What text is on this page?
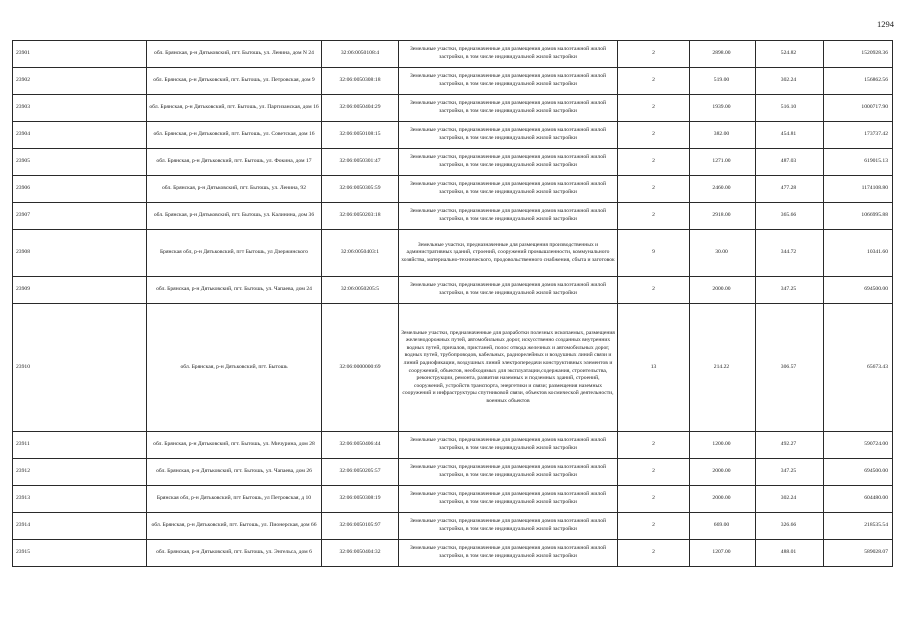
1294
23901	обл. Брянская, р-н Дятьковский, пгт. Бытошь, ул. Ленина, дом N 24	32:06:0050108:4	Земельные участки, предназначенные для размещения домов малоэтажной жилой застройки, в том числе индивидуальной жилой застройки	2	2898.00	524.82	1520928.36
23902	обл. Брянская, р-н Дятьковский, пгт. Бытошь, ул. Петровская, дом 9	32:06:0050308:18	Земельные участки, предназначенные для размещения домов малоэтажной жилой застройки, в том числе индивидуальной жилой застройки	2	519.00	302.24	156862.56
23903	обл. Брянская, р-н Дятьковский, пгт. Бытошь, ул. Партизанская, дом 16	32:06:0050404:29	Земельные участки, предназначенные для размещения домов малоэтажной жилой застройки, в том числе индивидуальной жилой застройки	2	1939.00	516.10	1000717.90
23904	обл. Брянская, р-н Дятьковский, пгт. Бытошь, ул. Советская, дом 16	32:06:0050108:15	Земельные участки, предназначенные для размещения домов малоэтажной жилой застройки, в том числе индивидуальной жилой застройки	2	382.00	454.81	173737.42
23905	обл. Брянская, р-н Дятьковский, пгт. Бытошь, ул. Фокина, дом 17	32:06:0050301:47	Земельные участки, предназначенные для размещения домов малоэтажной жилой застройки, в том числе индивидуальной жилой застройки	2	1271.00	487.03	619015.13
23906	обл. Брянская, р-н Дятьковский, пгт. Бытошь, ул. Ленина, 92	32:06:0050305:59	Земельные участки, предназначенные для размещения домов малоэтажной жилой застройки, в том числе индивидуальной жилой застройки	2	2460.00	477.28	1174108.80
23907	обл. Брянская, р-н Дятьковский, пгт. Бытошь, ул. Калинина, дом 36	32:06:0050203:18	Земельные участки, предназначенные для размещения домов малоэтажной жилой застройки, в том числе индивидуальной жилой застройки	2	2918.00	365.66	1066995.88
23908	Брянская обл, р-н Дятьковский, пгт Бытошь, ул Дзержинского	32:06:0050403:1	Земельные участки, предназначенные для размещения производственных и административных зданий, строений, сооружений промышленности, коммунального хозяйства, материально-технического, продовольственного снабжения, сбыта и заготовок	9	30.00	344.72	10341.60
23909	обл. Брянская, р-н Дятьковский, пгт. Бытошь, ул. Чапаева, дом 24	32:06:0050205:5	Земельные участки, предназначенные для размещения домов малоэтажной жилой застройки, в том числе индивидуальной жилой застройки	2	2000.00	347.25	694500.00
23910	обл. Брянская, р-н Дятьковский, пгт. Бытошь	32:06:0000000:69	Земельные участки, предназначенные для разработки полезных ископаемых, размещения железнодорожных путей, автомобильных дорог, искусственно созданных внутренних водных путей, причалов, пристаней, полос отвода железных и автомобильных дорог, водных путей, трубопроводов, кабельных, радиорелейных и воздушных линий связи и линий радиофикации, воздушных линий электропередачи конструктивных элементов и сооружений, объектов, необходимых для эксплуатации,содержания, строительства, реконструкции, ремонта, развития наземных и подземных зданий, строений, сооружений, устройств транспорта, энергетики и связи; размещения наземных сооружений и инфраструктуры спутниковой связи, объектов космической деятельности, военных объектов	13	214.22	306.57	65673.43
23911	обл. Брянская, р-н Дятьковский, пгт. Бытошь, ул. Мичурина, дом 28	32:06:0050406:44	Земельные участки, предназначенные для размещения домов малоэтажной жилой застройки, в том числе индивидуальной жилой застройки	2	1200.00	492.27	590724.00
23912	обл. Брянская, р-н Дятьковский, пгт. Бытошь, ул. Чапаева, дом 26	32:06:0050205:57	Земельные участки, предназначенные для размещения домов малоэтажной жилой застройки, в том числе индивидуальной жилой застройки	2	2000.00	347.25	694500.00
23913	Брянская обл, р-н Дятьковский, пгт Бытошь, ул Петровская, д 10	32:06:0050308:19	Земельные участки, предназначенные для размещения домов малоэтажной жилой застройки, в том числе индивидуальной жилой застройки	2	2000.00	302.24	604480.00
23914	обл. Брянская, р-н Дятьковский, пгт. Бытошь, ул. Пионерская, дом 66	32:06:0050105:97	Земельные участки, предназначенные для размещения домов малоэтажной жилой застройки, в том числе индивидуальной жилой застройки	2	669.00	326.66	218535.54
23915	обл. Брянская, р-н Дятьковский, пгт. Бытошь, ул. Энгельса, дом 6	32:06:0050404:32	Земельные участки, предназначенные для размещения домов малоэтажной жилой застройки, в том числе индивидуальной жилой застройки	2	1207.00	488.01	589028.07
